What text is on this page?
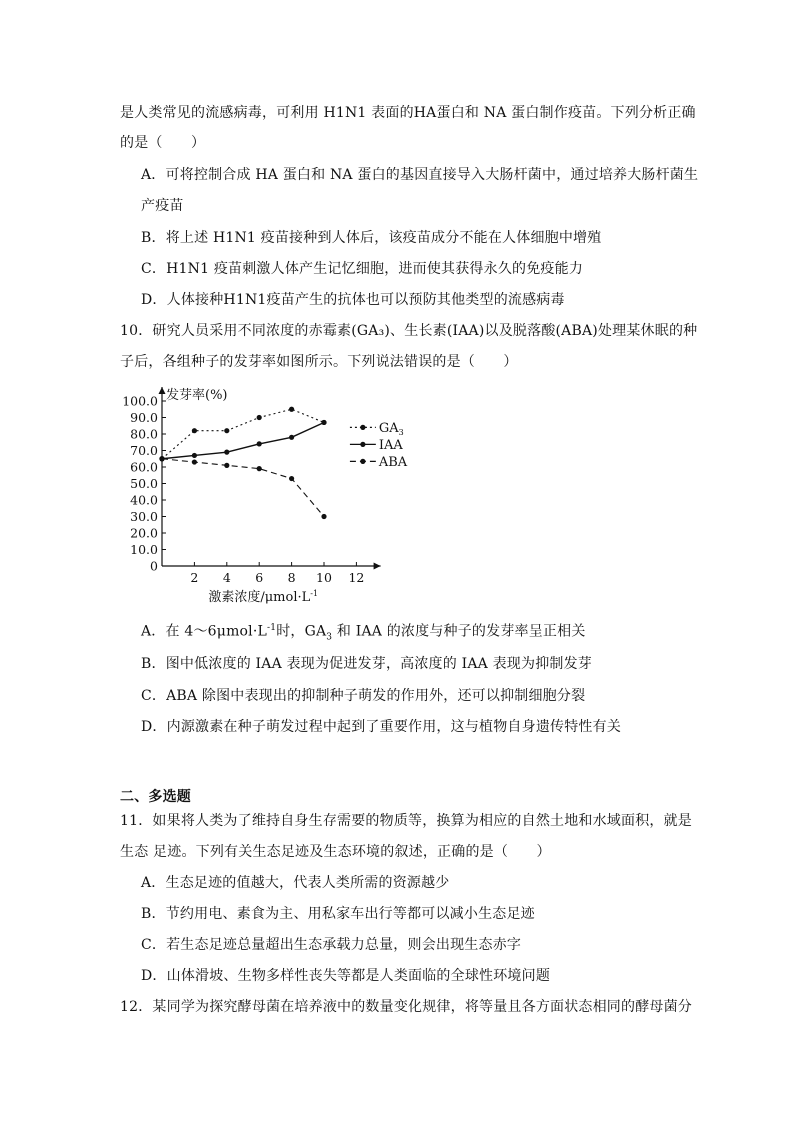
是人类常见的流感病毒，可利用 H1N1 表面的HA蛋白和 NA 蛋白制作疫苗。下列分析正确
的是（　　）
A．可将控制合成 HA 蛋白和 NA 蛋白的基因直接导入大肠杆菌中，通过培养大肠杆菌生
产疫苗
B．将上述 H1N1 疫苗接种到人体后，该疫苗成分不能在人体细胞中增殖
C．H1N1 疫苗刺激人体产生记忆细胞，进而使其获得永久的免疫能力
D．人体接种H1N1疫苗产生的抗体也可以预防其他类型的流感病毒
10．研究人员采用不同浓度的赤霉素(GA₃)、生长素(IAA)以及脱落酸(ABA)处理某休眠的种
子后，各组种子的发芽率如图所示。下列说法错误的是（　　）
0
10.0
20.0
30.0
40.0
50.0
60.0
70.0
80.0
90.0
100.0
2 4 6 8 10 12
发芽率(%)
激素浓度$/\mu mol\cdot L^{-1}$
$GA_3$
IAA
ABA
A．在 $4\sim 6\mu mol\cdot L^{-1}$时，$GA_3$ 和 IAA 的浓度与种子的发芽率呈正相关
B．图中低浓度的 IAA 表现为促进发芽，高浓度的 IAA 表现为抑制发芽
C．ABA 除图中表现出的抑制种子萌发的作用外，还可以抑制细胞分裂
D．内源激素在种子萌发过程中起到了重要作用，这与植物自身遗传特性有关
二、多选题
11．如果将人类为了维持自身生存需要的物质等，换算为相应的自然土地和水域面积，就是
生态 足迹。下列有关生态足迹及生态环境的叙述，正确的是（　　）
A．生态足迹的值越大，代表人类所需的资源越少
B．节约用电、素食为主、用私家车出行等都可以减小生态足迹
C．若生态足迹总量超出生态承载力总量，则会出现生态赤字
D．山体滑坡、生物多样性丧失等都是人类面临的全球性环境问题
12．某同学为探究酵母菌在培养液中的数量变化规律，将等量且各方面状态相同的酵母菌分
